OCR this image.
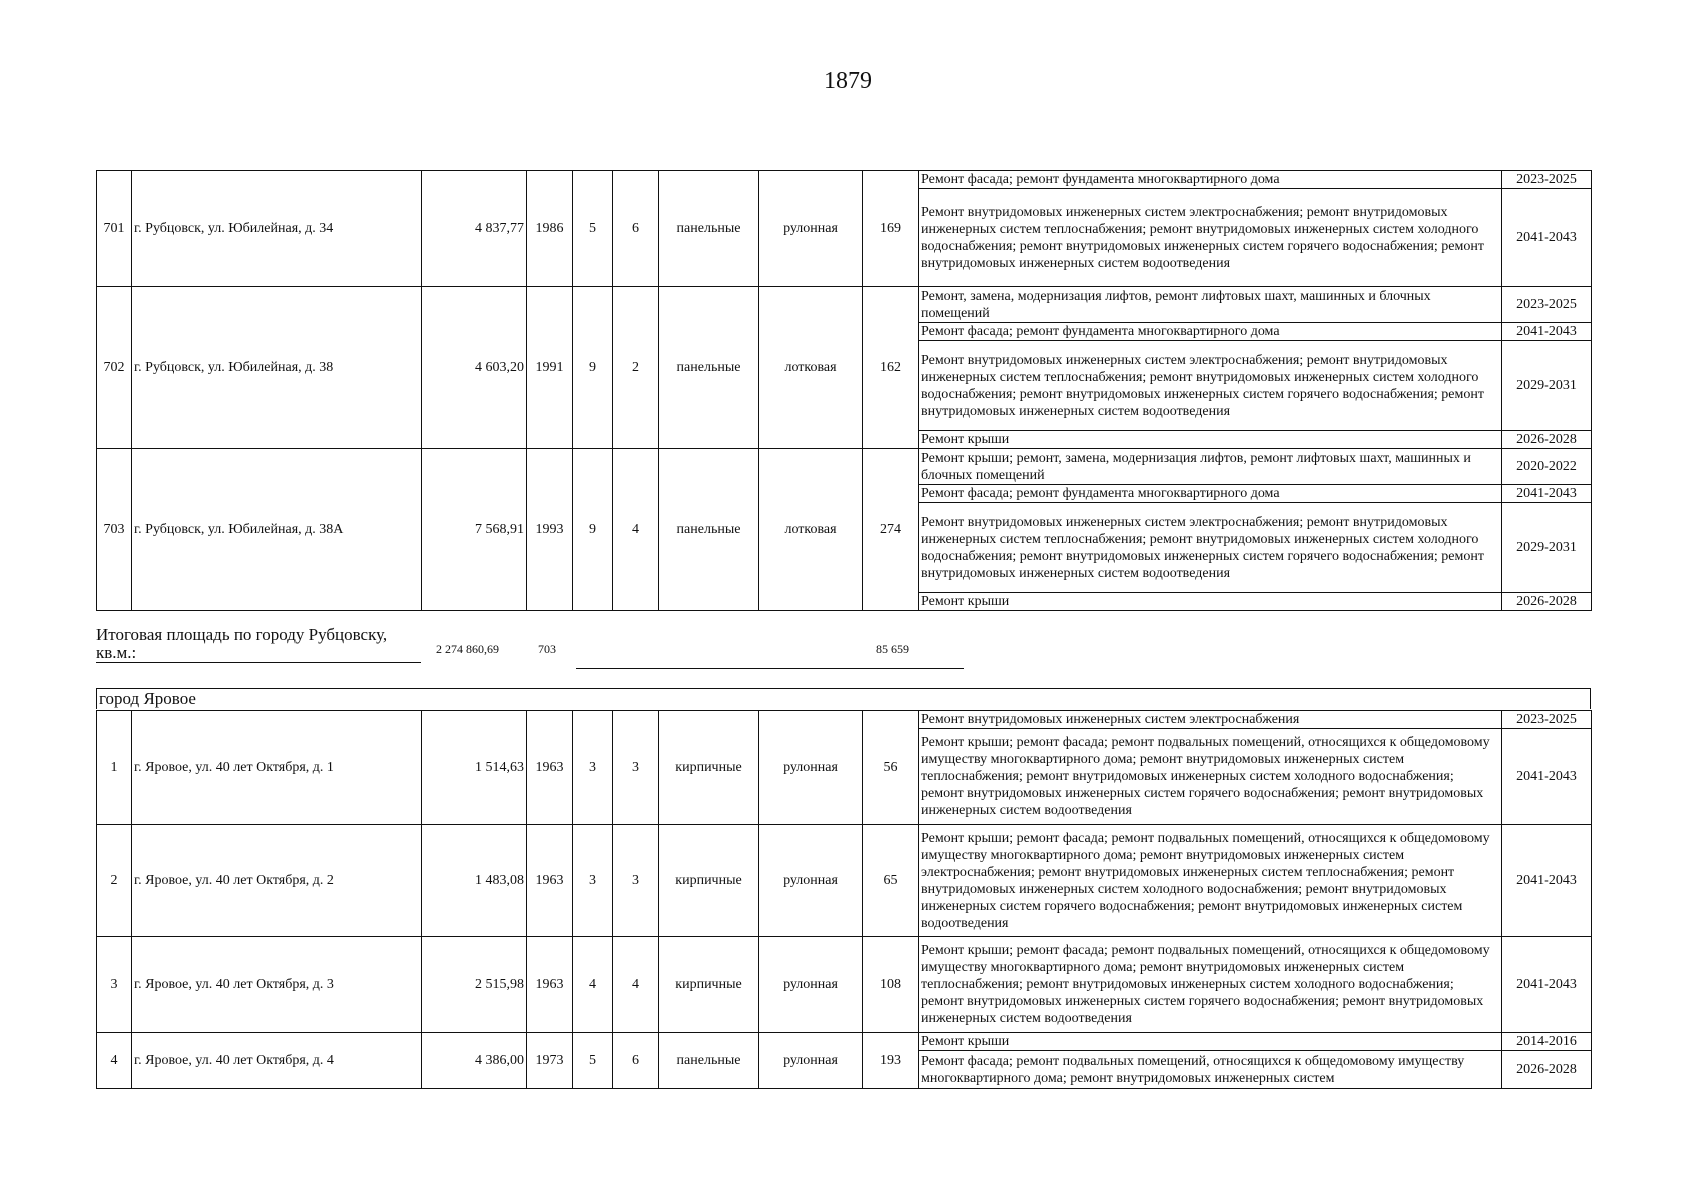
1879
701	г. Рубцовск, ул. Юбилейная, д. 34	4 837,77	1986	5	6	панельные	рулонная	169	Ремонт фасада; ремонт фундамента многоквартирного дома	2023-2025
									Ремонт внутридомовых инженерных систем электроснабжения; ремонт внутридомовых инженерных систем теплоснабжения; ремонт внутридомовых инженерных систем холодного водоснабжения; ремонт внутридомовых инженерных систем горячего водоснабжения; ремонт внутридомовых инженерных систем водоотведения	2041-2043
702	г. Рубцовск, ул. Юбилейная, д. 38	4 603,20	1991	9	2	панельные	лотковая	162	Ремонт, замена, модернизация лифтов, ремонт лифтовых шахт, машинных и блочных помещений	2023-2025
									Ремонт фасада; ремонт фундамента многоквартирного дома	2041-2043
									Ремонт внутридомовых инженерных систем электроснабжения; ремонт внутридомовых инженерных систем теплоснабжения; ремонт внутридомовых инженерных систем холодного водоснабжения; ремонт внутридомовых инженерных систем горячего водоснабжения; ремонт внутридомовых инженерных систем водоотведения	2029-2031
									Ремонт крыши	2026-2028
703	г. Рубцовск, ул. Юбилейная, д. 38А	7 568,91	1993	9	4	панельные	лотковая	274	Ремонт крыши; ремонт, замена, модернизация лифтов, ремонт лифтовых шахт, машинных и блочных помещений	2020-2022
									Ремонт фасада; ремонт фундамента многоквартирного дома	2041-2043
									Ремонт внутридомовых инженерных систем электроснабжения; ремонт внутридомовых инженерных систем теплоснабжения; ремонт внутридомовых инженерных систем холодного водоснабжения; ремонт внутридомовых инженерных систем горячего водоснабжения; ремонт внутридомовых инженерных систем водоотведения	2029-2031
									Ремонт крыши	2026-2028
Итоговая площадь по городу Рубцовску, кв.м.:	2 274 860,69	703	85 659
город Яровое
1	г. Яровое, ул. 40 лет Октября, д. 1	1 514,63	1963	3	3	кирпичные	рулонная	56	Ремонт внутридомовых инженерных систем электроснабжения	2023-2025
									Ремонт крыши; ремонт фасада; ремонт подвальных помещений, относящихся к общедомовому имуществу многоквартирного дома; ремонт внутридомовых инженерных систем теплоснабжения; ремонт внутридомовых инженерных систем холодного водоснабжения; ремонт внутридомовых инженерных систем горячего водоснабжения; ремонт внутридомовых инженерных систем водоотведения	2041-2043
2	г. Яровое, ул. 40 лет Октября, д. 2	1 483,08	1963	3	3	кирпичные	рулонная	65	Ремонт крыши; ремонт фасада; ремонт подвальных помещений, относящихся к общедомовому имуществу многоквартирного дома; ремонт внутридомовых инженерных систем электроснабжения; ремонт внутридомовых инженерных систем теплоснабжения; ремонт внутридомовых инженерных систем холодного водоснабжения; ремонт внутридомовых инженерных систем горячего водоснабжения; ремонт внутридомовых инженерных систем водоотведения	2041-2043
3	г. Яровое, ул. 40 лет Октября, д. 3	2 515,98	1963	4	4	кирпичные	рулонная	108	Ремонт крыши; ремонт фасада; ремонт подвальных помещений, относящихся к общедомовому имуществу многоквартирного дома; ремонт внутридомовых инженерных систем теплоснабжения; ремонт внутридомовых инженерных систем холодного водоснабжения; ремонт внутридомовых инженерных систем горячего водоснабжения; ремонт внутридомовых инженерных систем водоотведения	2041-2043
4	г. Яровое, ул. 40 лет Октября, д. 4	4 386,00	1973	5	6	панельные	рулонная	193	Ремонт крыши	2014-2016
									Ремонт фасада; ремонт подвальных помещений, относящихся к общедомовому имуществу многоквартирного дома; ремонт внутридомовых инженерных систем	2026-2028
